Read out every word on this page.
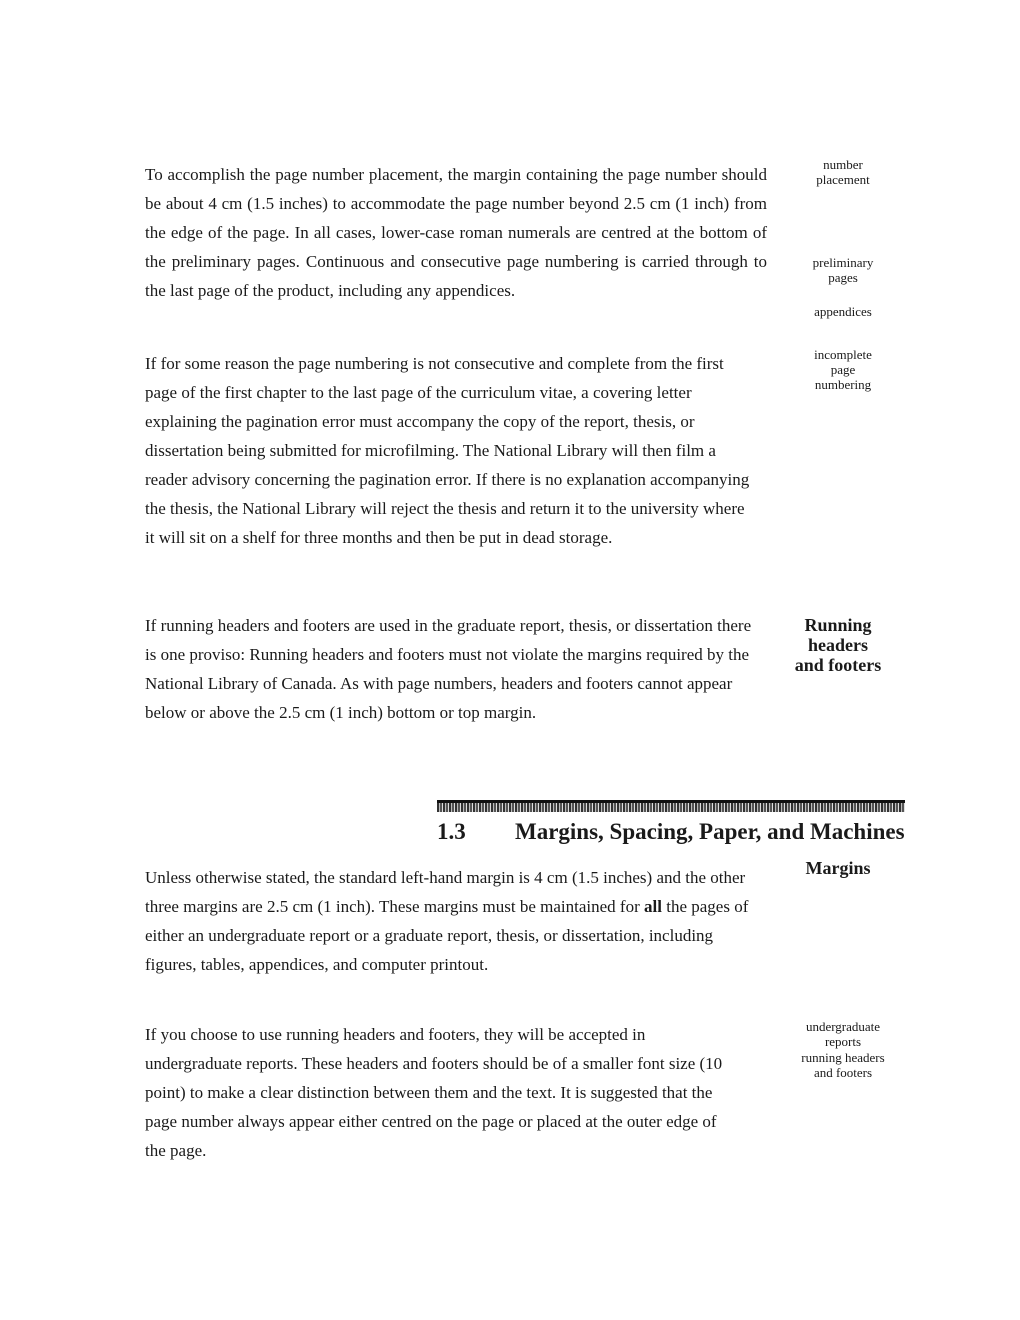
To accomplish the page number placement, the margin containing the page number should be about 4 cm (1.5 inches) to accommodate the page number beyond 2.5 cm (1 inch) from the edge of the page. In all cases, lower-case roman numerals are centred at the bottom of the preliminary pages. Continuous and consecutive page numbering is carried through to the last page of the product, including any appendices.

If for some reason the page numbering is not consecutive and complete from the first page of the first chapter to the last page of the curriculum vitae, a covering letter explaining the pagination error must accompany the copy of the report, thesis, or dissertation being submitted for microfilming. The National Library will then film a reader advisory concerning the pagination error. If there is no explanation accompanying the thesis, the National Library will reject the thesis and return it to the university where it will sit on a shelf for three months and then be put in dead storage.

If running headers and footers are used in the graduate report, thesis, or dissertation there is one proviso: Running headers and footers must not violate the margins required by the National Library of Canada. As with page numbers, headers and footers cannot appear below or above the 2.5 cm (1 inch) bottom or top margin.

Unless otherwise stated, the standard left-hand margin is 4 cm (1.5 inches) and the other three margins are 2.5 cm (1 inch). These margins must be maintained for all the pages of either an undergraduate report or a graduate report, thesis, or dissertation, including figures, tables, appendices, and computer printout.

If you choose to use running headers and footers, they will be accepted in undergraduate reports. These headers and footers should be of a smaller font size (10 point) to make a clear distinction between them and the text. It is suggested that the page number always appear either centred on the page or placed at the outer edge of the page.

number
placement
preliminary
pages
appendices
incomplete
page
numbering
Running
headers
and footers
1.3 Margins, Spacing, Paper, and Machines
Margins
undergraduate
reports
running headers
and footers
